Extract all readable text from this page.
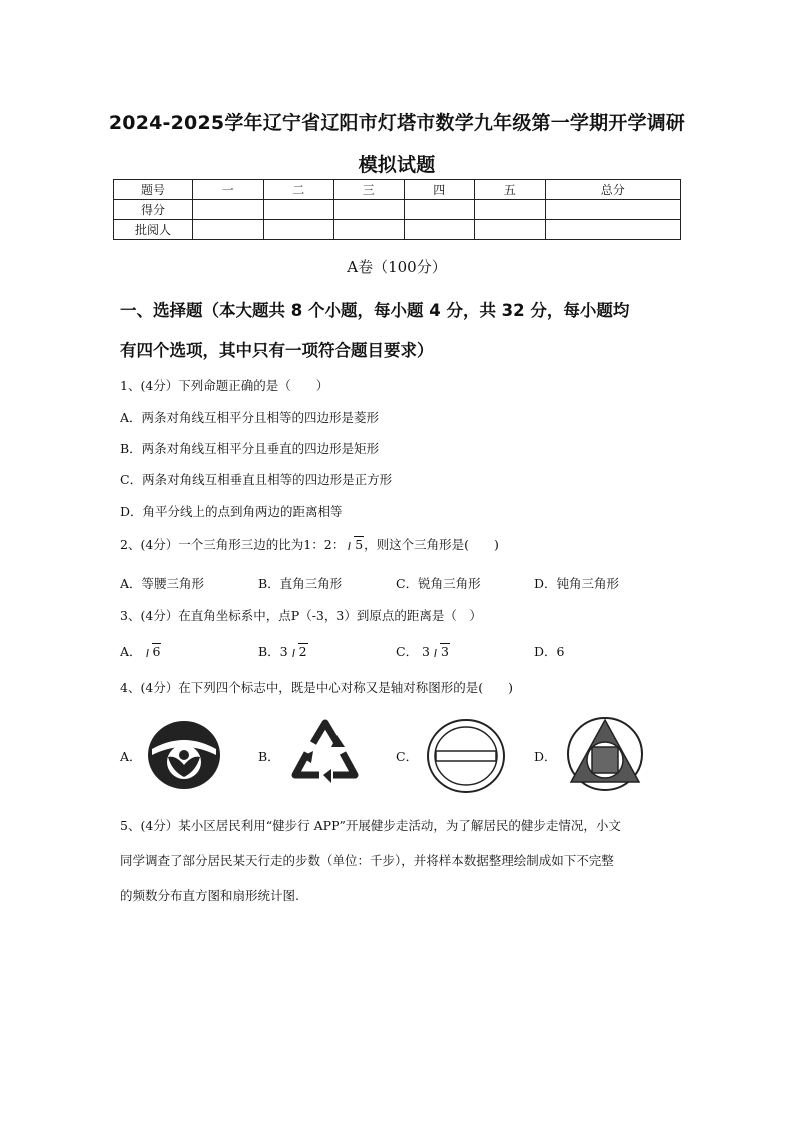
2024-2025学年辽宁省辽阳市灯塔市数学九年级第一学期开学调研
模拟试题
题号	一	二	三	四	五	总分
得分						
批阅人						
A卷（100分）
一、选择题（本大题共 8 个小题，每小题 4 分，共 32 分，每小题均
有四个选项，其中只有一项符合题目要求）
1、(4分）下列命题正确的是（　　）
A．两条对角线互相平分且相等的四边形是菱形
B．两条对角线互相平分且垂直的四边形是矩形
C．两条对角线互相垂直且相等的四边形是正方形
D．角平分线上的点到角两边的距离相等
2、(4分）一个三角形三边的比为1：2： 5，则这个三角形是(　　)
A．等腰三角形	B．直角三角形	C．锐角三角形	D．钝角三角形
3、(4分）在直角坐标系中，点P（-3，3）到原点的距离是（　）
A． 6	B．3 2	C． 3 3	D．6
4、(4分）在下列四个标志中，既是中心对称又是轴对称图形的是(　　)
A．	B．	C．	D．
5、(4分）某小区居民利用“健步行 APP”开展健步走活动，为了解居民的健步走情况，小文
同学调查了部分居民某天行走的步数（单位：千步），并将样本数据整理绘制成如下不完整
的频数分布直方图和扇形统计图.
